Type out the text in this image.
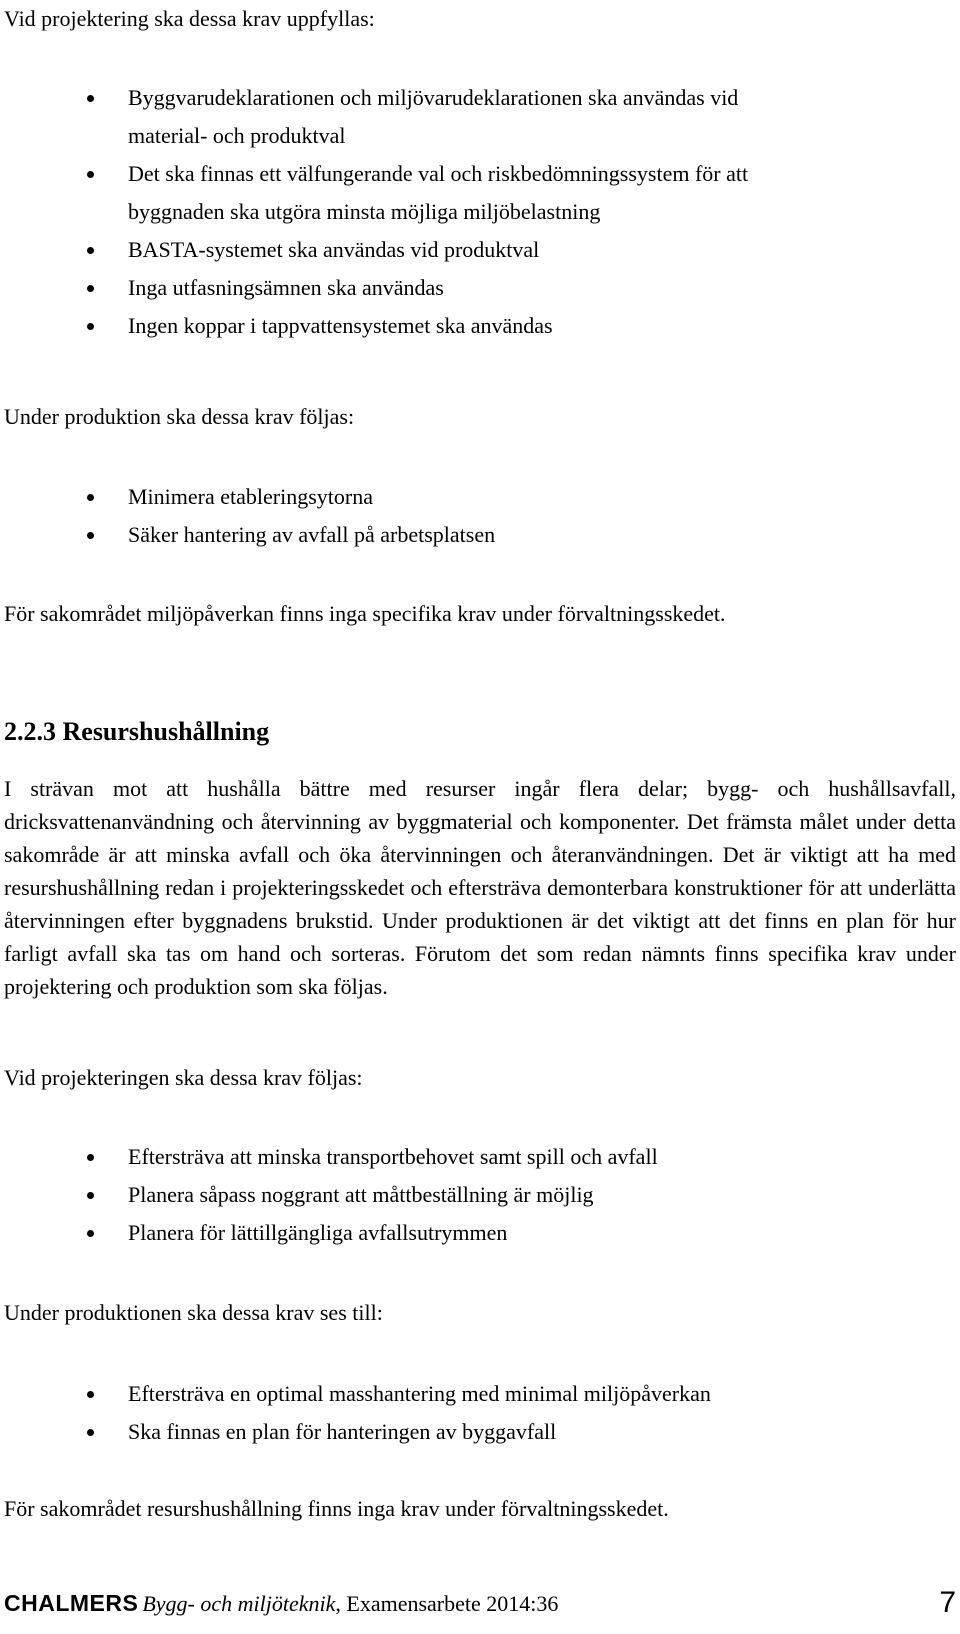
Vid projektering ska dessa krav uppfyllas:

Byggvarudeklarationen och miljövarudeklarationen ska användas vid
material- och produktval
Det ska finnas ett välfungerande val och riskbedömningssystem för att
byggnaden ska utgöra minsta möjliga miljöbelastning
BASTA-systemet ska användas vid produktval
Inga utfasningsämnen ska användas
Ingen koppar i tappvattensystemet ska användas

Under produktion ska dessa krav följas:

Minimera etableringsytorna
Säker hantering av avfall på arbetsplatsen

För sakområdet miljöpåverkan finns inga specifika krav under förvaltningsskedet.

2.2.3 Resurshushållning

I strävan mot att hushålla bättre med resurser ingår flera delar; bygg- och hushållsavfall, dricksvattenanvändning och återvinning av byggmaterial och komponenter. Det främsta målet under detta sakområde är att minska avfall och öka återvinningen och återanvändningen. Det är viktigt att ha med resurshushållning redan i projekteringsskedet och eftersträva demonterbara konstruktioner för att underlätta återvinningen efter byggnadens brukstid. Under produktionen är det viktigt att det finns en plan för hur farligt avfall ska tas om hand och sorteras. Förutom det som redan nämnts finns specifika krav under projektering och produktion som ska följas.

Vid projekteringen ska dessa krav följas:

Eftersträva att minska transportbehovet samt spill och avfall
Planera såpass noggrant att måttbeställning är möjlig
Planera för lättillgängliga avfallsutrymmen

Under produktionen ska dessa krav ses till:

Eftersträva en optimal masshantering med minimal miljöpåverkan
Ska finnas en plan för hanteringen av byggavfall

För sakområdet resurshushållning finns inga krav under förvaltningsskedet.

CHALMERS Bygg- och miljöteknik, Examensarbete 2014:36	7
